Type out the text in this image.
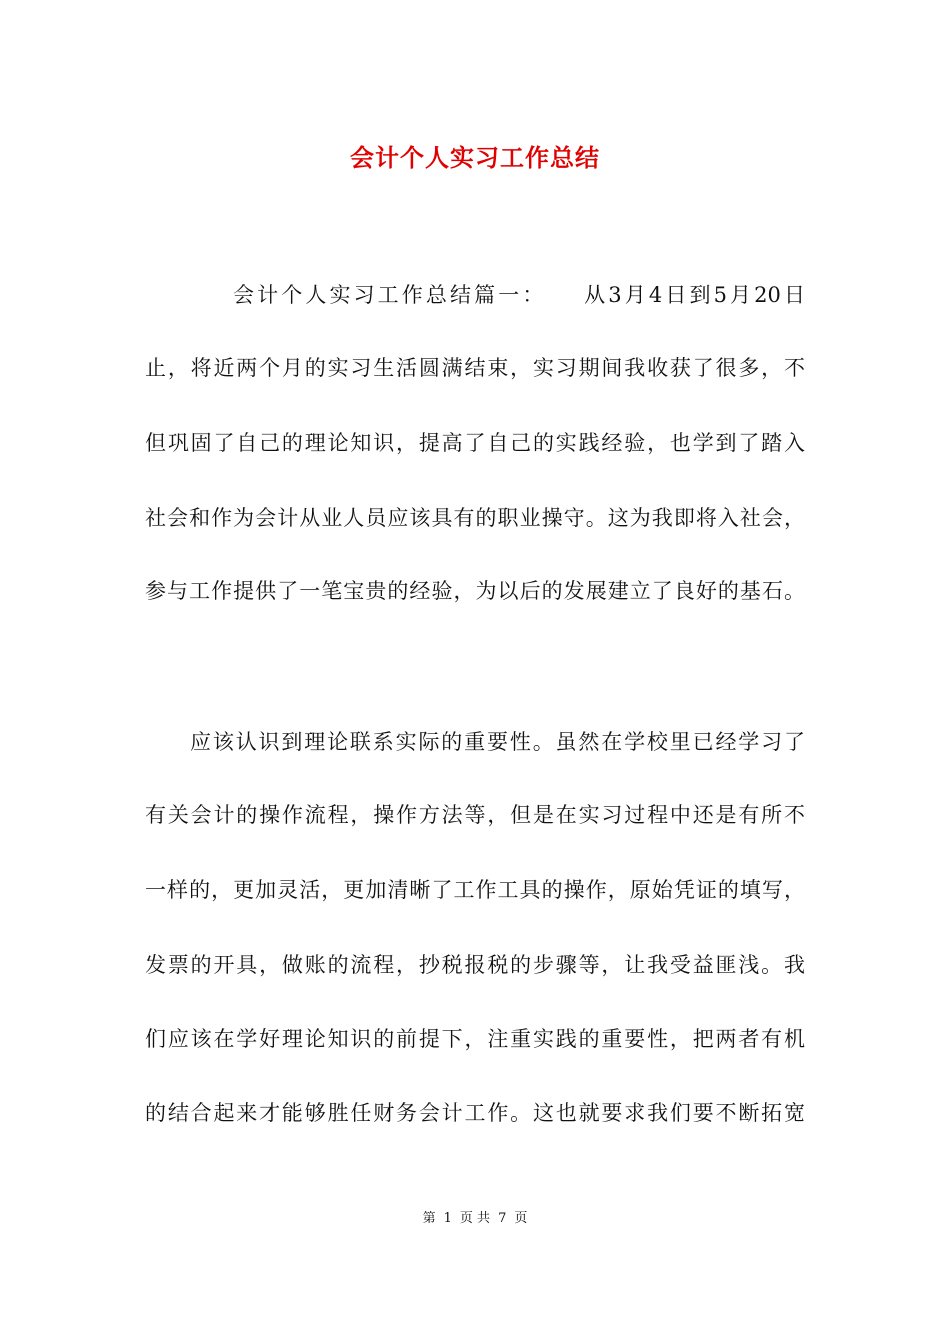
会计个人实习工作总结
会计个人实习工作总结篇一：　　从3月4日到5月20日
止，将近两个月的实习生活圆满结束，实习期间我收获了很多，不
但巩固了自己的理论知识，提高了自己的实践经验，也学到了踏入
社会和作为会计从业人员应该具有的职业操守。这为我即将入社会，
参与工作提供了一笔宝贵的经验，为以后的发展建立了良好的基石。
应该认识到理论联系实际的重要性。虽然在学校里已经学习了
有关会计的操作流程，操作方法等，但是在实习过程中还是有所不
一样的，更加灵活，更加清晰了工作工具的操作，原始凭证的填写，
发票的开具，做账的流程，抄税报税的步骤等，让我受益匪浅。我
们应该在学好理论知识的前提下，注重实践的重要性，把两者有机
的结合起来才能够胜任财务会计工作。这也就要求我们要不断拓宽
第 1 页 共 7 页
